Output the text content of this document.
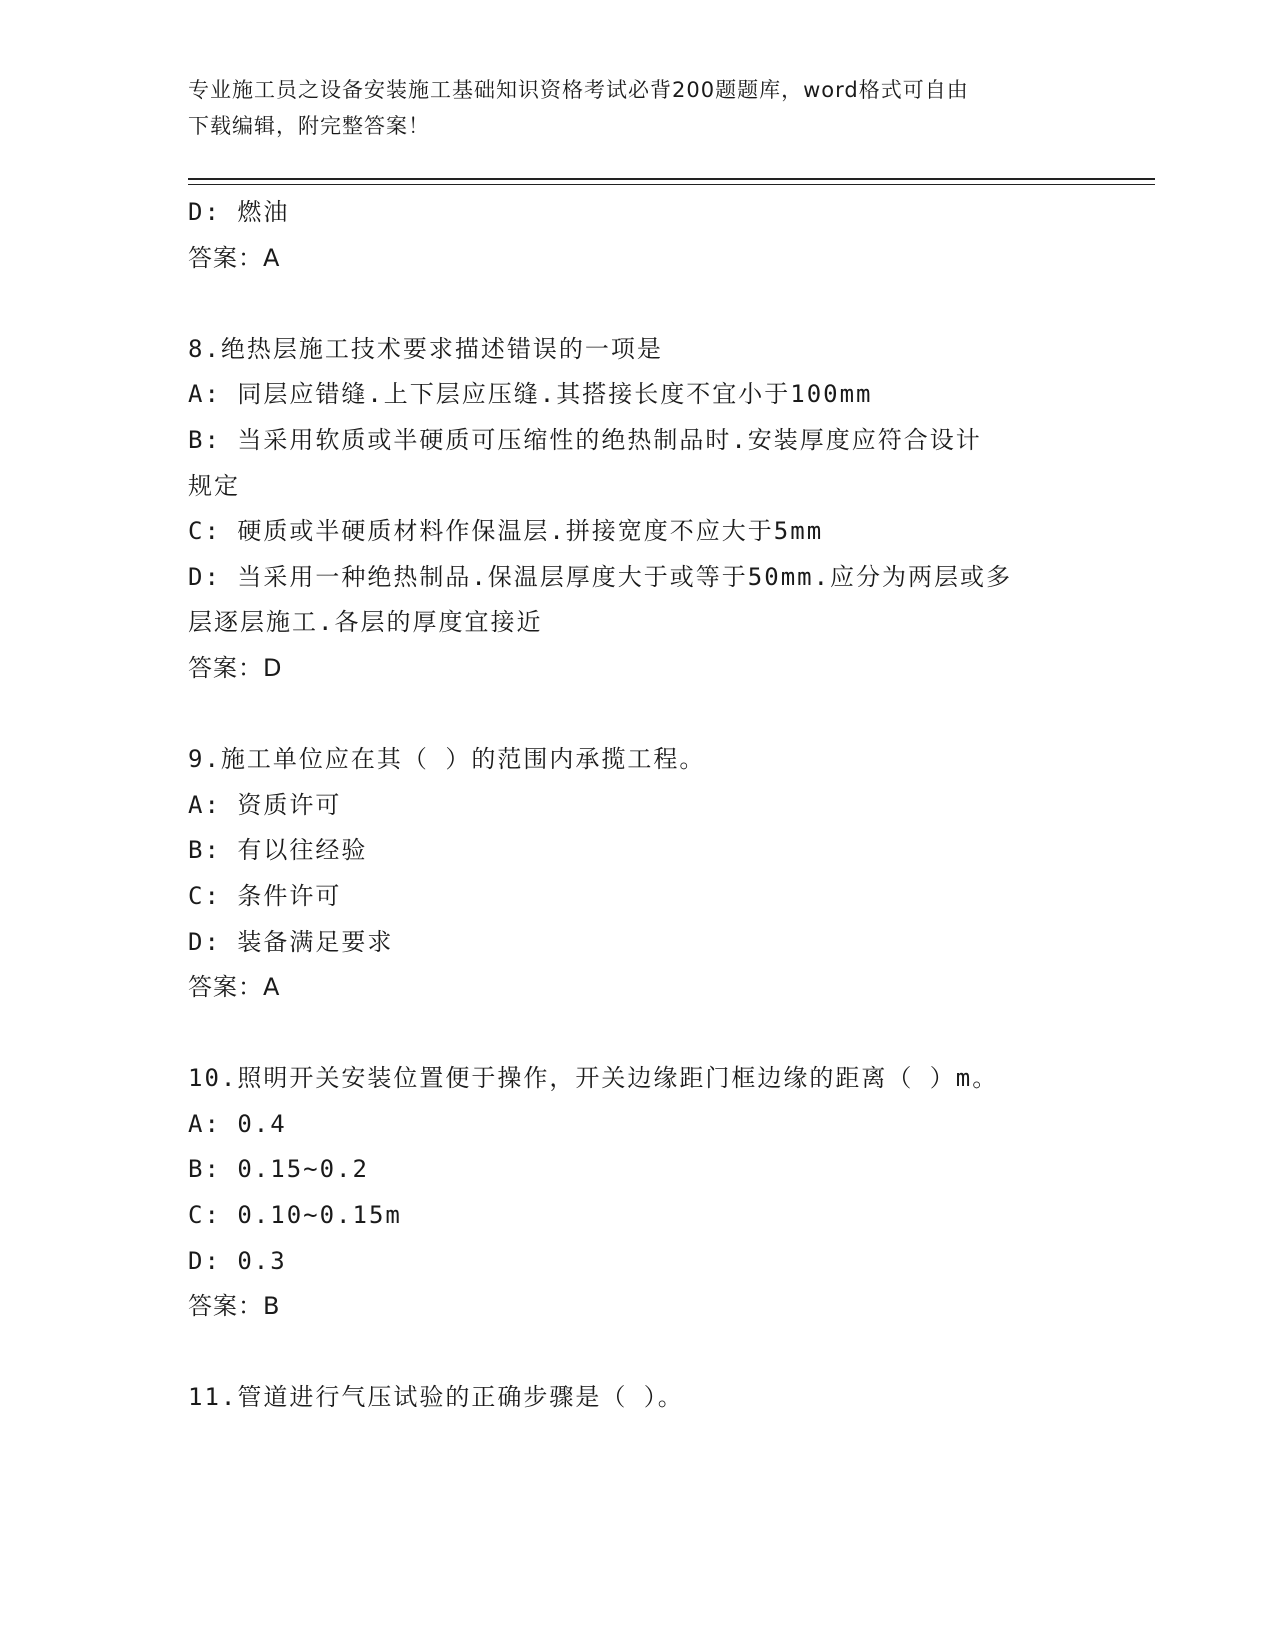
专业施工员之设备安装施工基础知识资格考试必背200题题库，word格式可自由
下载编辑，附完整答案！
D: 燃油
答案：A
8.绝热层施工技术要求描述错误的一项是
A: 同层应错缝.上下层应压缝.其搭接长度不宜小于100mm
B: 当采用软质或半硬质可压缩性的绝热制品时.安装厚度应符合设计
规定
C: 硬质或半硬质材料作保温层.拼接宽度不应大于5mm
D: 当采用一种绝热制品.保温层厚度大于或等于50mm.应分为两层或多
层逐层施工.各层的厚度宜接近
答案：D
9.施工单位应在其（ ）的范围内承揽工程。
A: 资质许可
B: 有以往经验
C: 条件许可
D: 装备满足要求
答案：A
10.照明开关安装位置便于操作，开关边缘距门框边缘的距离（ ）m。
A: 0.4
B: 0.15~0.2
C: 0.10~0.15m
D: 0.3
答案：B
11.管道进行气压试验的正确步骤是（ ）。
